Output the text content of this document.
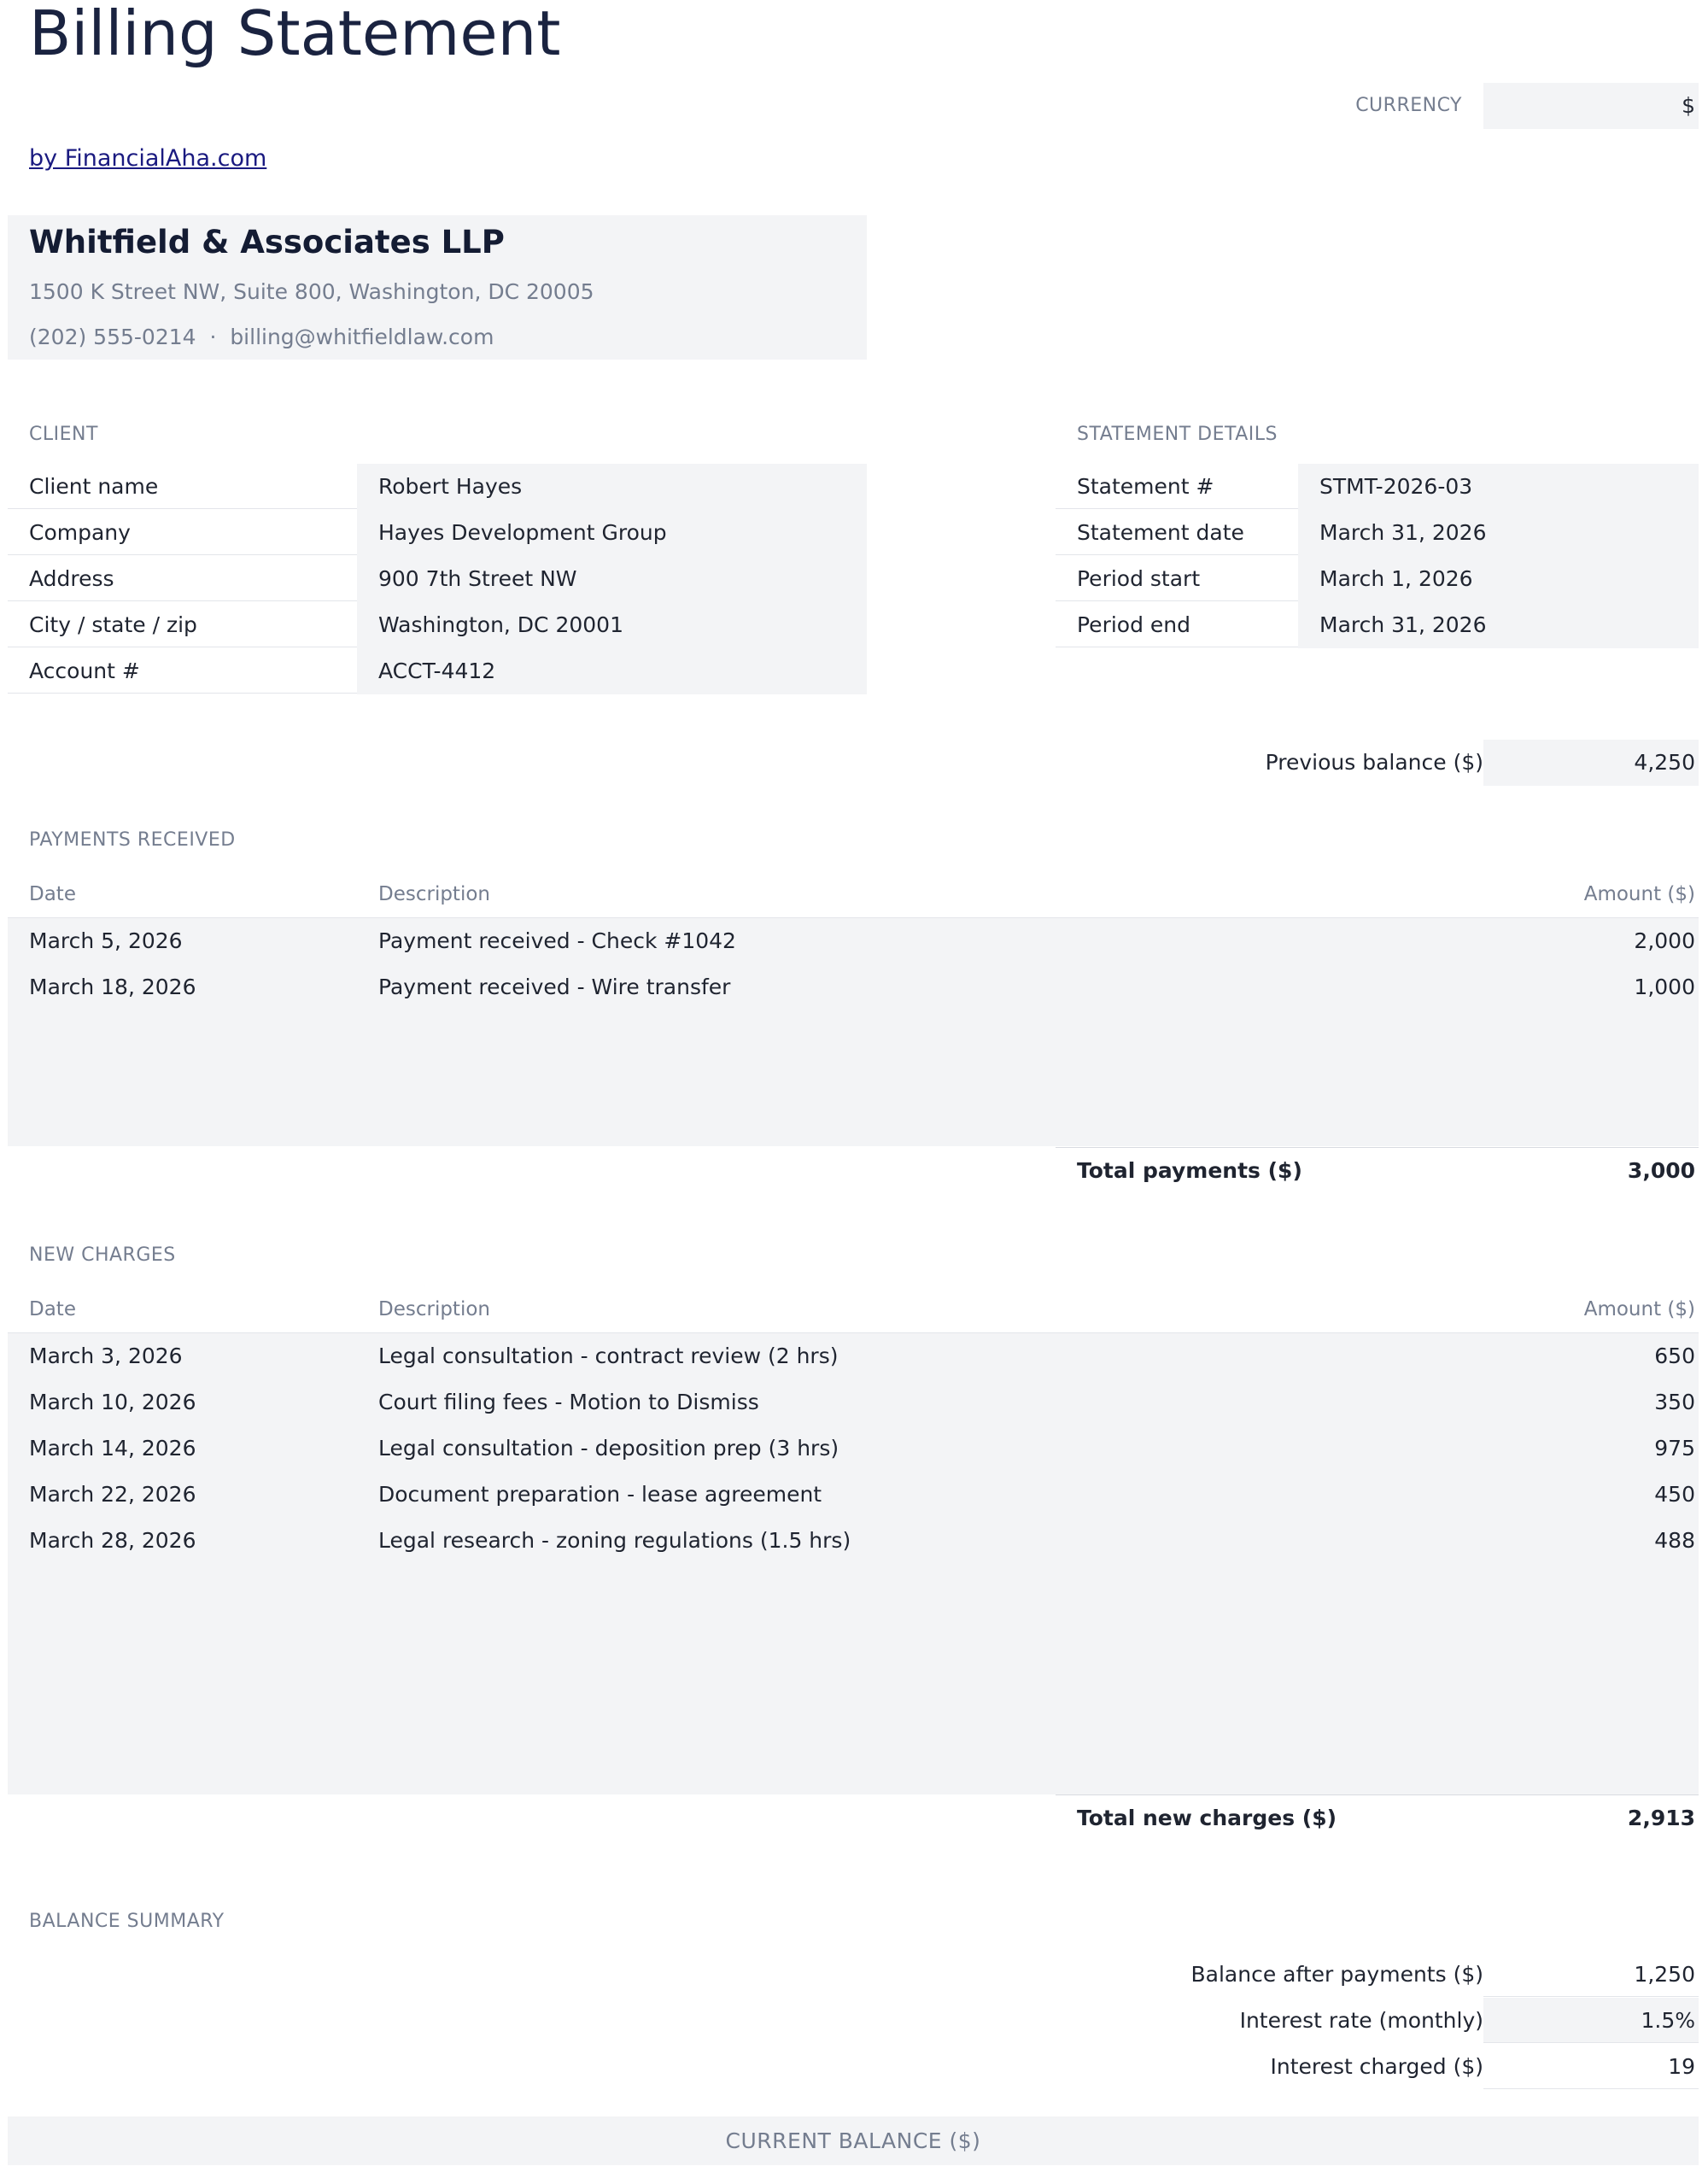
Billing Statement
CURRENCY	$
by FinancialAha.com
Whitfield & Associates LLP
1500 K Street NW, Suite 800, Washington, DC 20005
(202) 555-0214 · billing@whitfieldlaw.com
CLIENT
Client name	Robert Hayes
Company	Hayes Development Group
Address	900 7th Street NW
City / state / zip	Washington, DC 20001
Account #	ACCT-4412
STATEMENT DETAILS
Statement #	STMT-2026-03
Statement date	March 31, 2026
Period start	March 1, 2026
Period end	March 31, 2026
Previous balance ($)	4,250
PAYMENTS RECEIVED
Date	Description	Amount ($)
March 5, 2026	Payment received - Check #1042	2,000
March 18, 2026	Payment received - Wire transfer	1,000
Total payments ($)	3,000
NEW CHARGES
Date	Description	Amount ($)
March 3, 2026	Legal consultation - contract review (2 hrs)	650
March 10, 2026	Court filing fees - Motion to Dismiss	350
March 14, 2026	Legal consultation - deposition prep (3 hrs)	975
March 22, 2026	Document preparation - lease agreement	450
March 28, 2026	Legal research - zoning regulations (1.5 hrs)	488
Total new charges ($)	2,913
BALANCE SUMMARY
Balance after payments ($)	1,250
Interest rate (monthly)	1.5%
Interest charged ($)	19
CURRENT BALANCE ($)
